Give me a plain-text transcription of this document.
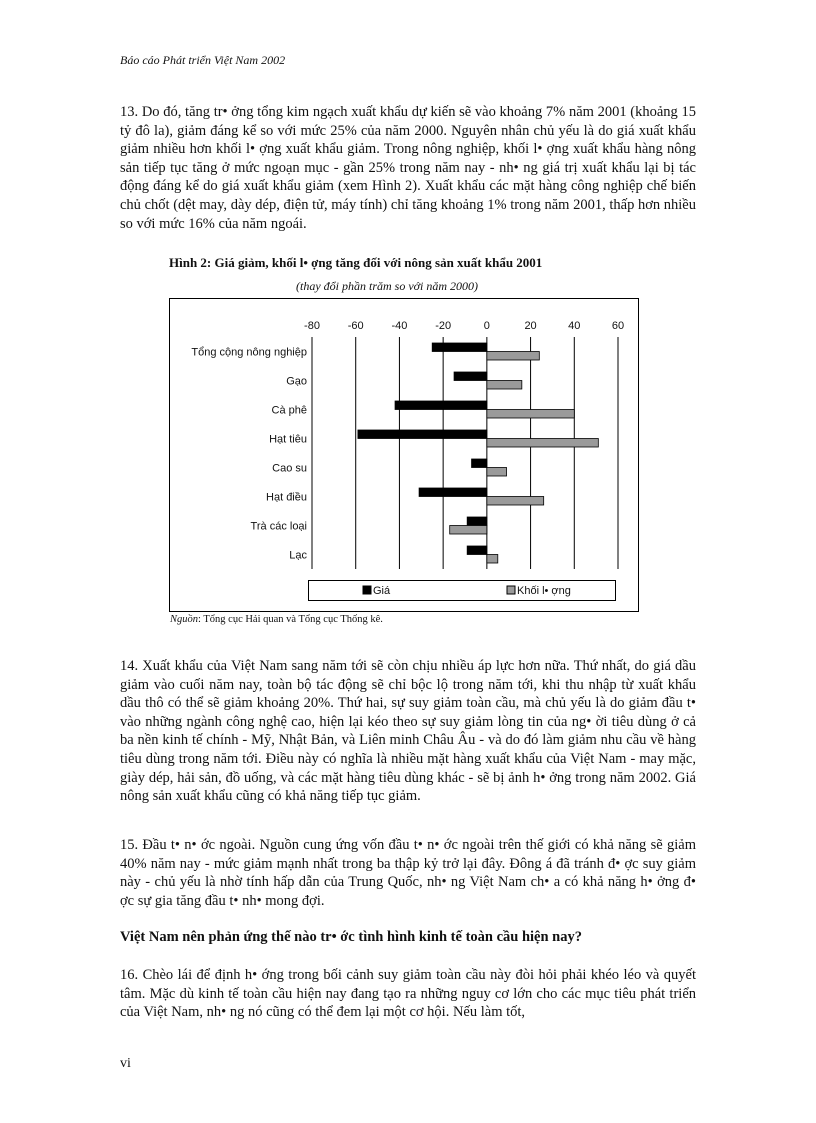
Báo cáo Phát triển Việt Nam 2002

13. Do đó, tăng tr• ởng tổng kim ngạch xuất khẩu dự kiến sẽ vào khoảng 7% năm 2001 (khoảng 15 tỷ đô la), giảm đáng kể so với mức 25% của năm 2000. Nguyên nhân chủ yếu là do giá xuất khẩu giảm nhiều hơn khối l• ợng xuất khẩu giảm. Trong nông nghiệp, khối l• ợng xuất khẩu hàng nông sản tiếp tục tăng ở mức ngoạn mục - gần 25% trong năm nay - nh• ng giá trị xuất khẩu lại bị tác động đáng kể do giá xuất khẩu giảm (xem Hình 2). Xuất khẩu các mặt hàng công nghiệp chế biến chủ chốt (dệt may, dày dép, điện tử, máy tính) chỉ tăng khoảng 1% trong năm 2001, thấp hơn nhiều so với mức 16% của năm ngoái.

Hình 2: Giá giảm, khối l• ợng tăng đối với nông sản xuất khẩu 2001
(thay đổi phần trăm so với năm 2000)
-80	-60	-40	-20	0	20	40	60
Tổng cộng nông nghiệp
Gạo
Cà phê
Hạt tiêu
Cao su
Hạt điều
Trà các loại
Lạc
Giá	Khối l• ợng
Nguồn: Tổng cục Hải quan và Tổng cục Thống kê.

14. Xuất khẩu của Việt Nam sang năm tới sẽ còn chịu nhiều áp lực hơn nữa. Thứ nhất, do giá dầu giảm vào cuối năm nay, toàn bộ tác động sẽ chỉ bộc lộ trong năm tới, khi thu nhập từ xuất khẩu dầu thô có thể sẽ giảm khoảng 20%. Thứ hai, sự suy giảm toàn cầu, mà chủ yếu là do giảm đầu t• vào những ngành công nghệ cao, hiện lại kéo theo sự suy giảm lòng tin của ng• ời tiêu dùng ở cả ba nền kinh tế chính - Mỹ, Nhật Bản, và Liên minh Châu Âu - và do đó làm giảm nhu cầu về hàng tiêu dùng trong năm tới. Điều này có nghĩa là nhiều mặt hàng xuất khẩu của Việt Nam - may mặc, giày dép, hải sản, đồ uống, và các mặt hàng tiêu dùng khác - sẽ bị ảnh h• ởng trong năm 2002. Giá nông sản xuất khẩu cũng có khả năng tiếp tục giảm.

15. Đầu t• n• ớc ngoài. Nguồn cung ứng vốn đầu t• n• ớc ngoài trên thế giới có khả năng sẽ giảm 40% năm nay - mức giảm mạnh nhất trong ba thập kỷ trở lại đây. Đông á đã tránh đ• ợc suy giảm này - chủ yếu là nhờ tính hấp dẫn của Trung Quốc, nh• ng Việt Nam ch• a có khả năng h• ởng đ• ợc sự gia tăng đầu t• nh• mong đợi.

Việt Nam nên phản ứng thế nào tr• ớc tình hình kinh tế toàn cầu hiện nay?

16. Chèo lái để định h• ớng trong bối cảnh suy giảm toàn cầu này đòi hỏi phải khéo léo và quyết tâm. Mặc dù kinh tế toàn cầu hiện nay đang tạo ra những nguy cơ lớn cho các mục tiêu phát triển của Việt Nam, nh• ng nó cũng có thể đem lại một cơ hội. Nếu làm tốt,

vi
